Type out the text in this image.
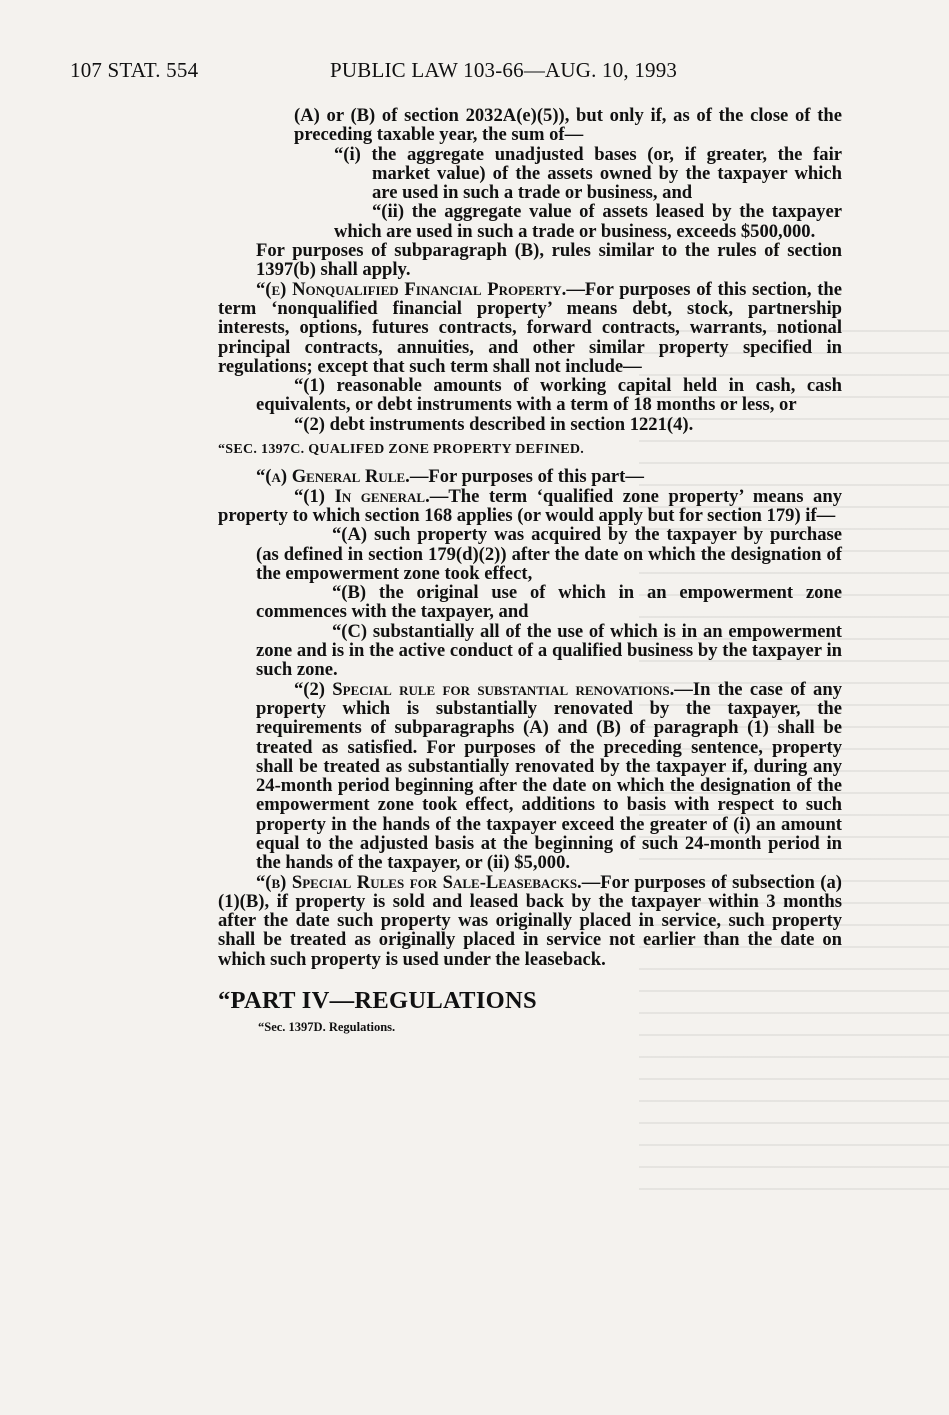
107 STAT. 554	PUBLIC LAW 103-66—AUG. 10, 1993

(A) or (B) of section 2032A(e)(5)), but only if, as of the close of the preceding taxable year, the sum of—

“(i) the aggregate unadjusted bases (or, if greater, the fair market value) of the assets owned by the taxpayer which are used in such a trade or business, and

“(ii) the aggregate value of assets leased by the taxpayer which are used in such a trade or business, exceeds $500,000.

For purposes of subparagraph (B), rules similar to the rules of section 1397(b) shall apply.

“(e) Nonqualified Financial Property.—For purposes of this section, the term ‘nonqualified financial property’ means debt, stock, partnership interests, options, futures contracts, forward contracts, warrants, notional principal contracts, annuities, and other similar property specified in regulations; except that such term shall not include—

“(1) reasonable amounts of working capital held in cash, cash equivalents, or debt instruments with a term of 18 months or less, or

“(2) debt instruments described in section 1221(4).

“SEC. 1397C. QUALIFED ZONE PROPERTY DEFINED.

“(a) General Rule.—For purposes of this part—

“(1) In general.—The term ‘qualified zone property’ means any property to which section 168 applies (or would apply but for section 179) if—

“(A) such property was acquired by the taxpayer by purchase (as defined in section 179(d)(2)) after the date on which the designation of the empowerment zone took effect,

“(B) the original use of which in an empowerment zone commences with the taxpayer, and

“(C) substantially all of the use of which is in an empowerment zone and is in the active conduct of a qualified business by the taxpayer in such zone.

“(2) Special rule for substantial renovations.—In the case of any property which is substantially renovated by the taxpayer, the requirements of subparagraphs (A) and (B) of paragraph (1) shall be treated as satisfied. For purposes of the preceding sentence, property shall be treated as substantially renovated by the taxpayer if, during any 24-month period beginning after the date on which the designation of the empowerment zone took effect, additions to basis with respect to such property in the hands of the taxpayer exceed the greater of (i) an amount equal to the adjusted basis at the beginning of such 24-month period in the hands of the taxpayer, or (ii) $5,000.

“(b) Special Rules for Sale-Leasebacks.—For purposes of subsection (a)(1)(B), if property is sold and leased back by the taxpayer within 3 months after the date such property was originally placed in service, such property shall be treated as originally placed in service not earlier than the date on which such property is used under the leaseback.

“PART IV—REGULATIONS

“Sec. 1397D. Regulations.
